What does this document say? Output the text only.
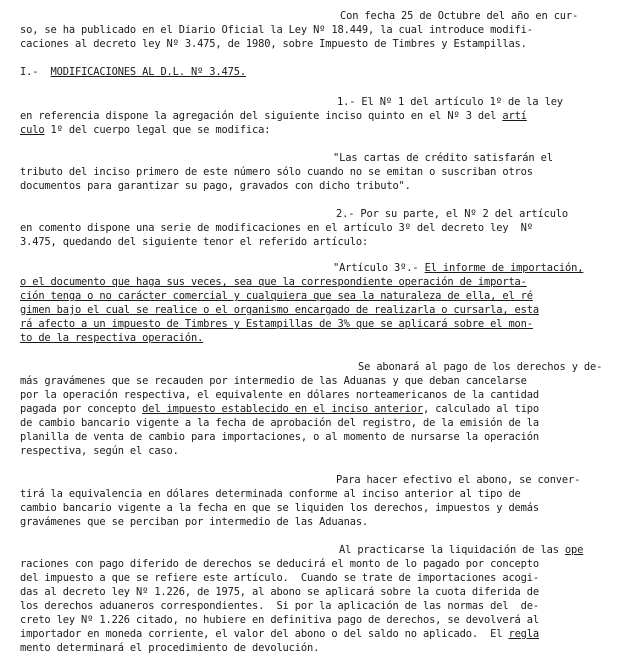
Con fecha 25 de Octubre del año en cur-
so, se ha publicado en el Diario Oficial la Ley Nº 18.449, la cual introduce modifi-
caciones al decreto ley Nº 3.475, de 1980, sobre Impuesto de Timbres y Estampillas.
I.- MODIFICACIONES AL D.L. Nº 3.475.
1.- El Nº 1 del artículo 1º de la ley
en referencia dispone la agregación del siguiente inciso quinto en el Nº 3 del artí
culo 1º del cuerpo legal que se modifica:
"Las cartas de crédito satisfarán el
tributo del inciso primero de este número sólo cuando no se emitan o suscriban otros
documentos para garantizar su pago, gravados con dicho tributo".
2.- Por su parte, el Nº 2 del artículo
en comento dispone una serie de modificaciones en el artículo 3º del decreto ley  Nº
3.475, quedando del siguiente tenor el referido artículo:
"Artículo 3º.- El informe de importación,
o el documento que haga sus veces, sea que la correspondiente operación de importa-
ción tenga o no carácter comercial y cualquiera que sea la naturaleza de ella, el ré
gimen bajo el cual se realice o el organismo encargado de realizarla o cursarla, esta
rá afecto a un impuesto de Timbres y Estampillas de 3% que se aplicará sobre el mon-
to de la respectiva operación.
Se abonará al pago de los derechos y de-
más gravámenes que se recauden por intermedio de las Aduanas y que deban cancelarse
por la operación respectiva, el equivalente en dólares norteamericanos de la cantidad
pagada por concepto del impuesto establecido en el inciso anterior, calculado al tipo
de cambio bancario vigente a la fecha de aprobación del registro, de la emisión de la
planilla de venta de cambio para importaciones, o al momento de nursarse la operación
respectiva, según el caso.
Para hacer efectivo el abono, se conver-
tirá la equivalencia en dólares determinada conforme al inciso anterior al tipo de
cambio bancario vigente a la fecha en que se liquiden los derechos, impuestos y demás
gravámenes que se perciban por intermedio de las Aduanas.
Al practicarse la liquidación de las ope
raciones con pago diferido de derechos se deducirá el monto de lo pagado por concepto
del impuesto a que se refiere este artículo.  Cuando se trate de importaciones acogi-
das al decreto ley Nº 1.226, de 1975, al abono se aplicará sobre la cuota diferida de
los derechos aduaneros correspondientes.  Si por la aplicación de las normas del  de-
creto ley Nº 1.226 citado, no hubiere en definitiva pago de derechos, se devolverá al
importador en moneda corriente, el valor del abono o del saldo no aplicado.  El regla
mento determinará el procedimiento de devolución.
